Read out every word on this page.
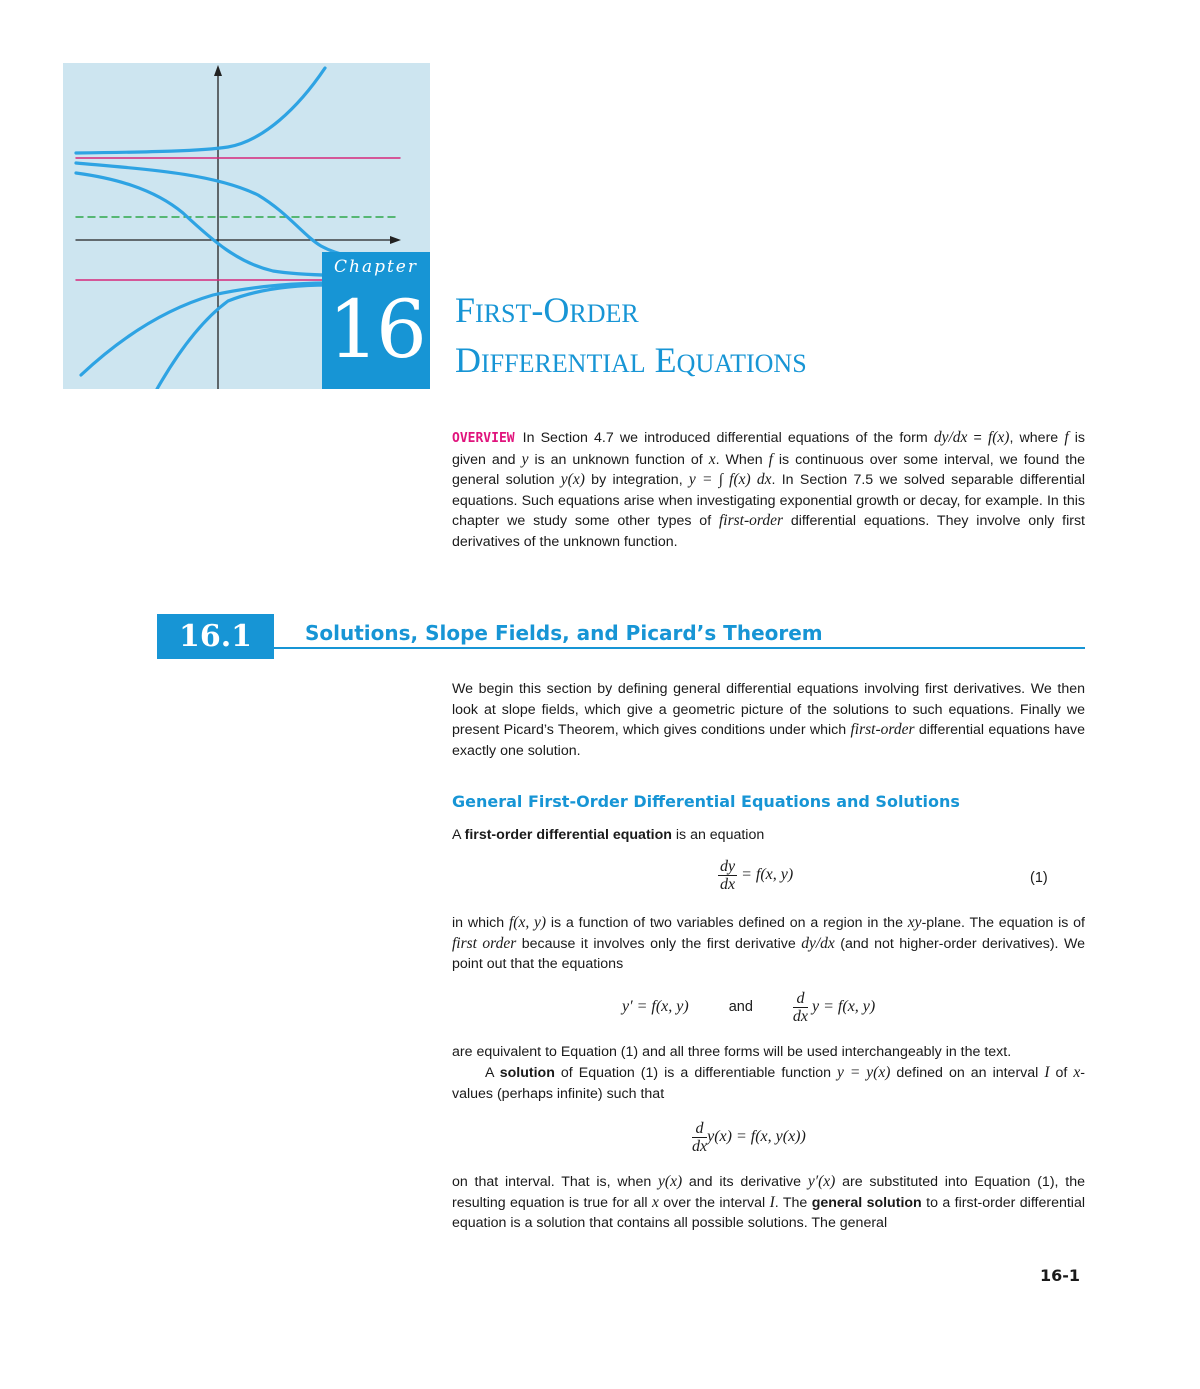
Chapter
16 FIRST-ORDER
DIFFERENTIAL EQUATIONS
OVERVIEW In Section 4.7 we introduced differential equations of the form dy/dx = f(x), where f is given and y is an unknown function of x. When f is continuous over some interval, we found the general solution y(x) by integration, y = ∫ f(x) dx. In Section 7.5 we solved separable differential equations. Such equations arise when investigating exponential growth or decay, for example. In this chapter we study some other types of first-order differential equations. They involve only first derivatives of the unknown function.
16.1	Solutions, Slope Fields, and Picard’s Theorem
We begin this section by defining general differential equations involving first derivatives. We then look at slope fields, which give a geometric picture of the solutions to such equations. Finally we present Picard’s Theorem, which gives conditions under which first-order differential equations have exactly one solution.
General First-Order Differential Equations and Solutions
A first-order differential equation is an equation
$\frac{dy}{dx} = f(x$, y)	(1)
in which f(x, y) is a function of two variables defined on a region in the xy-plane. The equation is of first order because it involves only the first derivative dy/dx (and not higher-order derivatives). We point out that the equations
y′ = f(x, y)	and	$\frac{d}{dx}$ y = f(x, y)
are equivalent to Equation (1) and all three forms will be used interchangeably in the text.
A solution of Equation (1) is a differentiable function y = y(x) defined on an interval I of x-values (perhaps infinite) such that
$\frac{d}{dx} y(x) = f(x$, y(x))
on that interval. That is, when y(x) and its derivative y′(x) are substituted into Equation (1), the resulting equation is true for all x over the interval I. The general solution to a first-order differential equation is a solution that contains all possible solutions. The general
16-1
